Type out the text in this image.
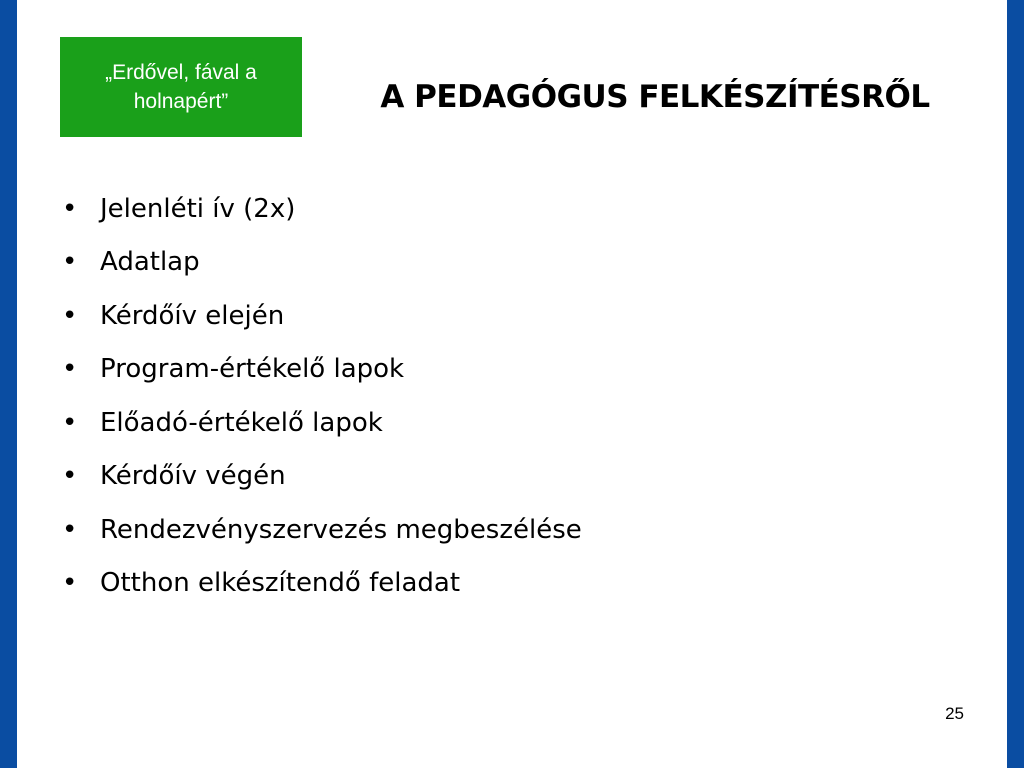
„Erdővel, fával a
holnapért”	A PEDAGÓGUS FELKÉSZÍTÉSRŐL
• Jelenléti ív (2x)
• Adatlap
• Kérdőív elején
• Program-értékelő lapok
• Előadó-értékelő lapok
• Kérdőív végén
• Rendezvényszervezés megbeszélése
• Otthon elkészítendő feladat
25
